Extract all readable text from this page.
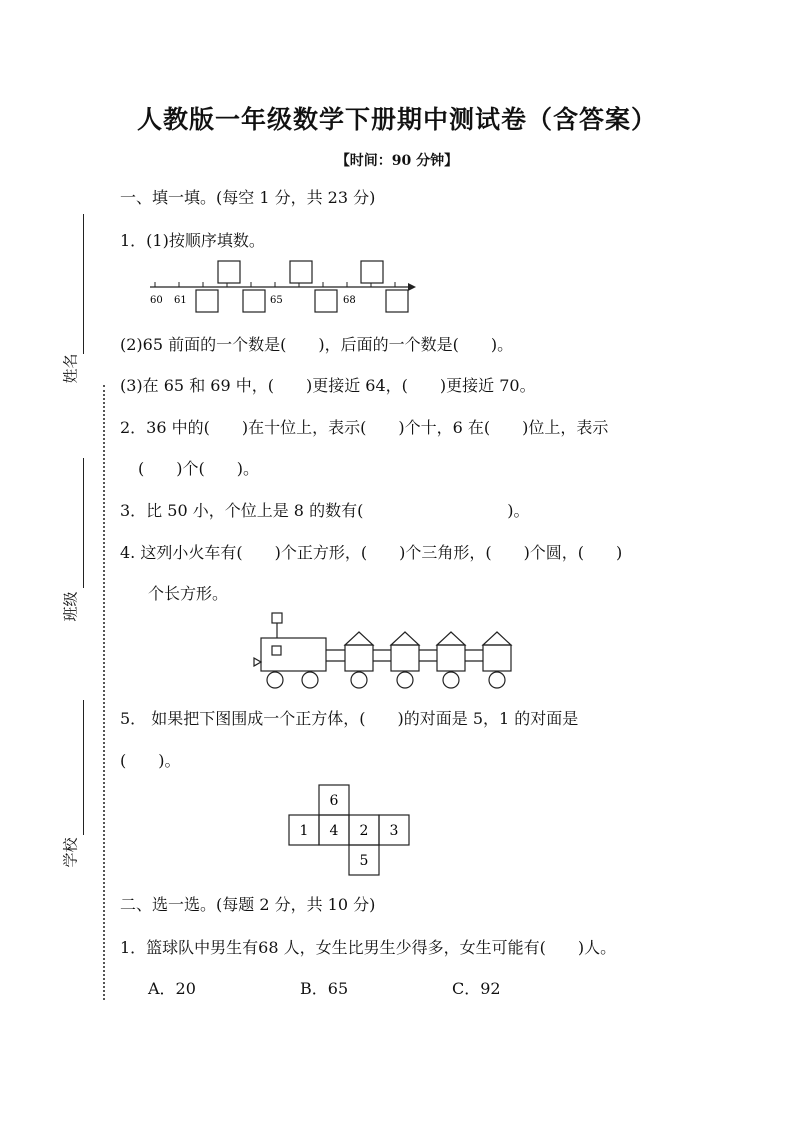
人教版一年级数学下册期中测试卷（含答案）
【时间：90 分钟】
姓名
班级
学校
一、填一填。(每空 1 分，共 23 分)
1．(1)按顺序填数。
60 61	65	68
(2)65 前面的一个数是(　　)，后面的一个数是(　　)。
(3)在 65 和 69 中，(　　)更接近 64，(　　)更接近 70。
2．36 中的(　　)在十位上，表示(　　)个十，6 在(　　)位上，表示
(　　)个(　　)。
3．比 50 小，个位上是 8 的数有(　　　　　　　　　)。
4. 这列小火车有(　　)个正方形，(　　)个三角形，(　　)个圆，(　　)
个长方形。
5． 如果把下图围成一个正方体，(　　)的对面是 5，1 的对面是
(　　)。
6
1 4 2 3
5
二、选一选。(每题 2 分，共 10 分)
1．篮球队中男生有68 人，女生比男生少得多，女生可能有(　　)人。
A．20	B．65	C．92
